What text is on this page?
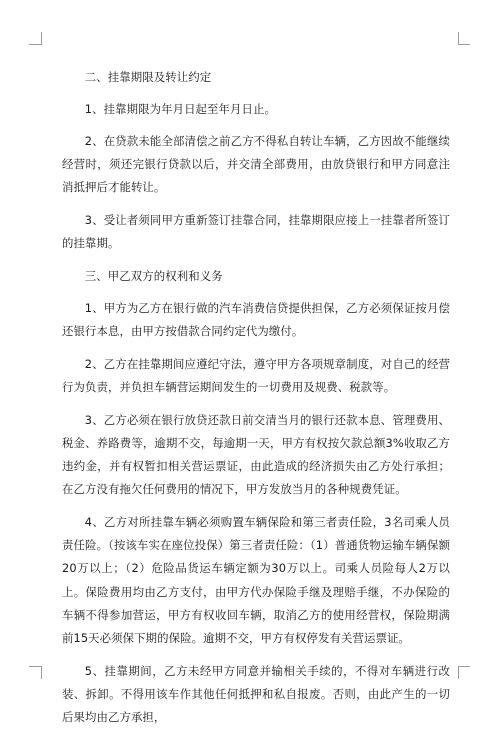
二、挂靠期限及转让约定

1、挂靠期限为年月日起至年月日止。

2、在贷款未能全部清偿之前乙方不得私自转让车辆，乙方因故不能继续经营时，须还完银行贷款以后，并交清全部费用，由放贷银行和甲方同意注消抵押后才能转让。

3、受让者须同甲方重新签订挂靠合同，挂靠期限应接上一挂靠者所签订的挂靠期。

三、甲乙双方的权利和义务

1、甲方为乙方在银行做的汽车消费信贷提供担保，乙方必须保证按月偿还银行本息，由甲方按借款合同约定代为缴付。

2、乙方在挂靠期间应遵纪守法，遵守甲方各项规章制度，对自己的经营行为负责，并负担车辆营运期间发生的一切费用及规费、税款等。

3、乙方必须在银行放贷还款日前交清当月的银行还款本息、管理费用、税金、养路费等，逾期不交，每逾期一天，甲方有权按欠款总额3%收取乙方违约金，并有权暂扣相关营运票证，由此造成的经济损失由乙方处行承担；在乙方没有拖欠任何费用的情况下，甲方发放当月的各种规费凭证。

4、乙方对所挂靠车辆必须购置车辆保险和第三者责任险，3名司乘人员责任险。（按该车实在座位投保）第三者责任险：（1）普通货物运输车辆保额20万以上；（2）危险品货运车辆定额为30万以上。司乘人员险每人2万以上。保险费用均由乙方支付，由甲方代办保险手继及理赔手继，不办保险的车辆不得参加营运，甲方有权收回车辆，取消乙方的使用经营权，保险期满前15天必须保下期的保险。逾期不交，甲方有权停发有关营运票证。

5、挂靠期间，乙方未经甲方同意并输相关手续的，不得对车辆进行改装、拆卸。不得用该车作其他任何抵押和私自报废。否则，由此产生的一切后果均由乙方承担，
